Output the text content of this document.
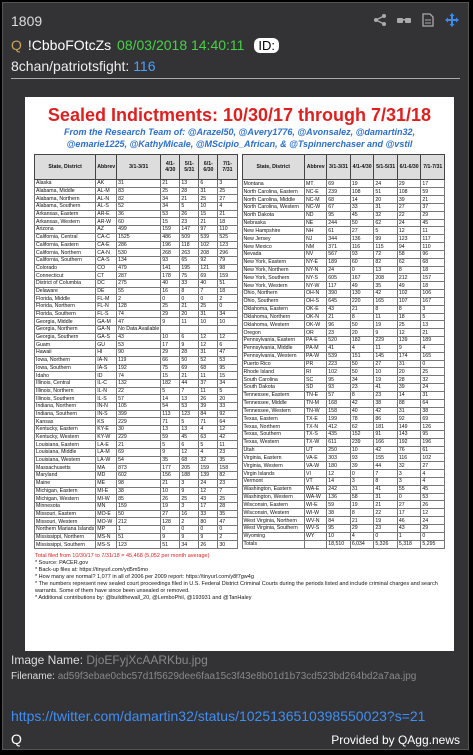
1809
Q !CbboFOtcZs 08/03/2018 14:40:11 ID:
8chan/patriotsfight: 116
Sealed Indictments: 10/30/17 through 7/31/18
From the Research Team of: @Arazel50, @Avery1776, @Avonsalez, @damartin32,
@emarie1225, @KathyMicale, @MScipio_African, & @Tspinnerchaser and @vstil
State, District	Abbrev	3/1-3/31	4/1-4/30	5/1-5/31	6/1-6/30	7/1-7/31
Alaska	AK	31	21	13	6	3
Alabama, Middle	AL-M	83	25	28	31	25
Alabama, Northern	AL-N	82	34	21	25	27
Alabama, Southern	AL-S	52	34	5	10	4
Arkansas, Eastern	AR-E	36	53	26	15	21
Arkansas, Western	AR-W	60	15	23	21	18
Arizona	AZ	499	159	147	97	110
California, Central	CA-C	1525	486	509	539	525
California, Eastern	CA-E	286	196	118	102	123
California, Northern	CA-N	530	268	263	208	296
California, Southern	CA-S	134	93	65	92	79
Colorado	CO	479	141	195	121	98
Connecticut	CT	287	178	75	69	159
District of Columbia	DC	275	40	33	40	51
Delaware	DE	55	16	8	7	18
Florida, Middle	FL-M	2	0	0	0	2
Florida, Northern	FL-N	128	25	21	25	0
Florida, Southern	FL-S	74	29	20	31	34
Georgia, Middle	GA-M	47	9	11	10	10
Georgia, Northern	GA-N	No Data Available				
Georgia, Southern	GA-S	43	10	6	12	12
Guam	GU	53	17	9	12	6
Hawaii	HI	90	29	28	31	47
Iowa, Northern	IA-N	119	66	50	52	53
Iowa, Southern	IA-S	192	75	69	68	95
Idaho	ID	74	15	21	11	15
Illinois, Central	IL-C	132	182	44	37	34
Illinois, Northern	IL-N	22	5	7	11	5
Illinois, Southern	IL-S	57	14	13	26	20
Indiana, Northern	IN-N	105	54	53	39	33
Indiana, Southern	IN-S	399	113	123	84	92
Kansas	KS	229	71	5	71	64
Kentucky, Eastern	KY-E	30	13	13	4	12
Kentucky, Western	KY-W	229	59	45	63	42
Louisiana, Eastern	LA-E	21	5	6	5	11
Louisiana, Middle	LA-M	69	9	12	4	23
Louisiana, Western	LA-W	54	35	68	32	35
Massachusetts	MA	873	177	205	159	158
Maryland	MD	602	156	188	139	82
Maine	ME	98	21	3	24	23
Michigan, Eastern	MI-E	38	10	9	12	7
Michigan, Western	MI-W	85	26	25	43	25
Minnesota	MN	159	19	3	17	28
Missouri, Eastern	MO-E	50	27	16	33	35
Missouri, Western	MO-W	212	128	2	80	47
Northern Mariana Islands	MP	1	0	0	0	0
Mississippi, Northern	MS-N	51	9	9	9	2
Mississippi, Southern	MS-S	123	51	34	26	30
State, District	Abbrev	3/1-3/31	4/1-4/30	5/1-5/31	6/1-6/30	7/1-7/31
Montana	MT	69	19	24	29	17
North Carolina, Eastern	NC-E	239	108	51	108	59
North Carolina, Middle	NC-M	68	14	20	39	21
North Carolina, Western	NC-W	67	33	31	27	37
North Dakota	ND	95	45	32	22	29
Nebraska	NE	244	50	62	24	45
New Hampshire	NH	61	27	5	12	11
New Jersey	NJ	344	136	99	123	117
New Mexico	NM	371	116	115	94	110
Nevada	NV	567	93	72	58	96
New York, Eastern	NY-E	189	60	82	62	68
New York, Northern	NY-N	24	0	13	8	18
New York, Southern	NY-S	605	167	208	212	157
New York, Western	NY-W	117	49	35	49	18
Ohio, Northern	OH-N	390	130	42	102	106
Ohio, Southern	OH-S	645	220	165	107	167
Oklahoma, Eastern	OK-E	43	21	8	8	3
Oklahoma, Northern	OK-N	21	8	11	18	5
Oklahoma, Western	OK-W	96	50	19	25	13
Oregon	OR	23	20	9	12	21
Pennsylvania, Eastern	PA-E	520	182	229	139	189
Pennsylvania, Middle	PA-M	41	4	11	9	4
Pennsylvania, Western	PA-W	539	151	145	174	165
Puerto Rico	PR	223	50	27	31	0
Rhode Island	RI	102	50	10	20	25
South Carolina	SC	95	34	19	28	32
South Dakota	SD	93	23	41	39	24
Tennessee, Eastern	TN-E	57	8	23	14	31
Tennessee, Middle	TN-M	168	42	38	88	64
Tennessee, Western	TN-W	158	40	42	31	38
Texas, Eastern	TX-E	199	78	86	92	69
Texas, Northern	TX-N	412	62	181	149	126
Texas, Southern	TX-S	435	152	91	143	95
Texas, Western	TX-W	611	239	166	192	196
Utah	UT	250	10	42	76	61
Virginia, Eastern	VA-E	303	93	155	116	102
Virginia, Western	VA-W	180	39	44	32	27
Virgin Islands	VI	12	0	7	3	4
Vermont	VT	14	3	8	3	4
Washington, Eastern	WA-E	242	31	41	55	45
Washington, Western	WA-W	136	58	31	0	53
Wisconsin, Eastern	WI-E	59	19	21	27	26
Wisconsin, Western	WI-W	38	8	22	17	12
West Virginia, Northern	WV-N	84	21	19	46	24
West Virginia, Southern	WV-S	95	29	23	43	29
Wyoming	WY	10	4	0	1	0
Totals		18,510	6,034	5,326	5,318	5,295
Total filed from 10/30/17 to 7/31/18 = 45,468 (5,052 per month average)
* Source: PACER.gov
* Back-up files at: https://tinyurl.com/yd5m5mo
* How many are normal? 1,077 in all of 2006 per 2009 report: https://tinyurl.com/y8f7gw4g
* The numbers represent new sealed court proceedings filed in U.S. Federal District Criminal Courts during the periods listed and include criminal charges and search warrants. Some of them have since been unsealed or removed.
* Additional contributions by: @buildthewall_20, @LemboPhil, @193931 and @TanHaley
Image Name: DjoEFyjXcAARKbu.jpg
Filename: ad59f3ebae0cbc57d1f5629dee6faa15c3f43e8b01d1b73cd523bd264bd2a7aa.jpg
https://twitter.com/damartin32/status/1025136510398550023?s=21
Q	Provided by QAgg.news
